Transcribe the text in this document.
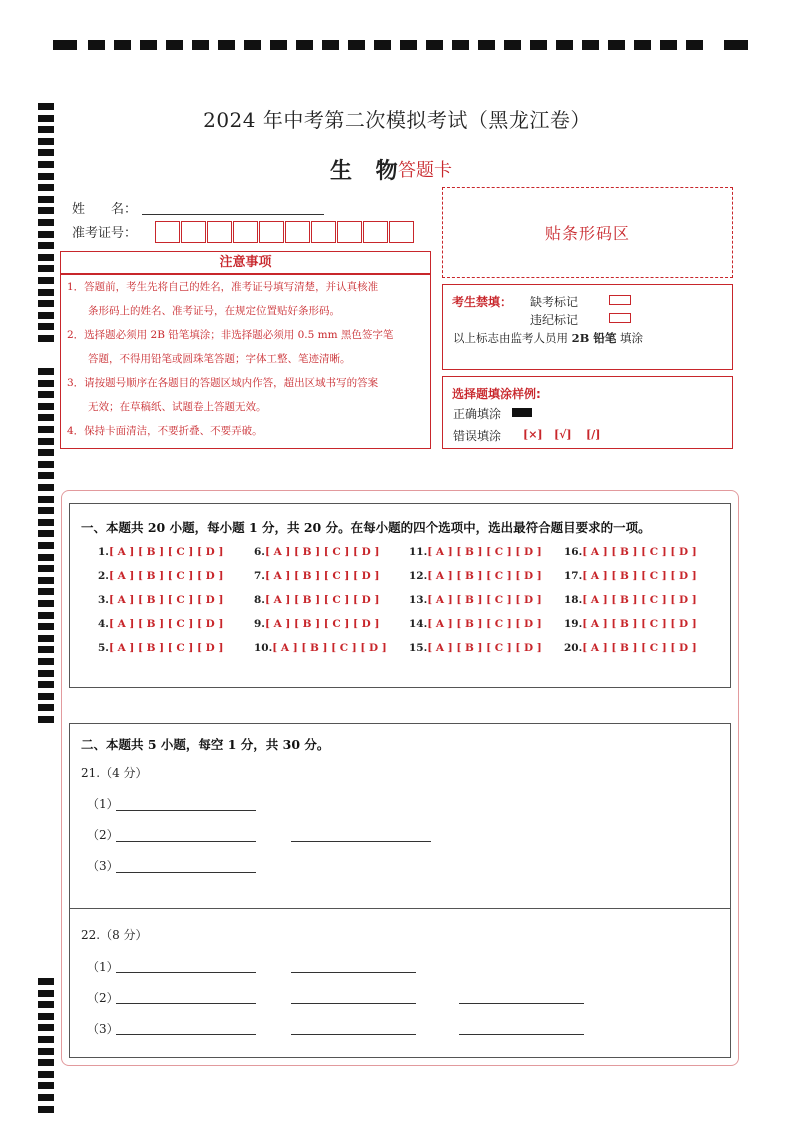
2024 年中考第二次模拟考试（黑龙江卷）
生 物
答题卡
姓　　名：
准考证号：	贴条形码区
注意事项
1．答题前，考生先将自己的姓名，准考证号填写清楚，并认真核准
　　条形码上的姓名、准考证号，在规定位置贴好条形码。
2．选择题必须用 2B 铅笔填涂；非选择题必须用 0.5 mm 黑色签字笔
　　答题，不得用铅笔或圆珠笔答题；字体工整、笔迹清晰。
3．请按题号顺序在各题目的答题区域内作答，超出区域书写的答案
　　无效；在草稿纸、试题卷上答题无效。
4．保持卡面清洁，不要折叠、不要弄破。
考生禁填： 缺考标记
违纪标记
以上标志由监考人员用 2B 铅笔 填涂
选择题填涂样例:
正确填涂
错误填涂 [×] [√] [/]
一、本题共 20 小题，每小题 1 分，共 20 分。在每小题的四个选项中，选出最符合题目要求的一项。
1.[ A ] [ B ] [ C ] [ D ]
2.[ A ] [ B ] [ C ] [ D ]
3.[ A ] [ B ] [ C ] [ D ]
4.[ A ] [ B ] [ C ] [ D ]
5.[ A ] [ B ] [ C ] [ D ]
6.[ A ] [ B ] [ C ] [ D ]
7.[ A ] [ B ] [ C ] [ D ]
8.[ A ] [ B ] [ C ] [ D ]
9.[ A ] [ B ] [ C ] [ D ]
10.[ A ] [ B ] [ C ] [ D ]
11.[ A ] [ B ] [ C ] [ D ]
12.[ A ] [ B ] [ C ] [ D ]
13.[ A ] [ B ] [ C ] [ D ]
14.[ A ] [ B ] [ C ] [ D ]
15.[ A ] [ B ] [ C ] [ D ]
16.[ A ] [ B ] [ C ] [ D ]
17.[ A ] [ B ] [ C ] [ D ]
18.[ A ] [ B ] [ C ] [ D ]
19.[ A ] [ B ] [ C ] [ D ]
20.[ A ] [ B ] [ C ] [ D ]
二、本题共 5 小题，每空 1 分，共 30 分。
21.（4 分）
（1）
（2）
（3）
22.（8 分）
（1）
（2）
（3）
